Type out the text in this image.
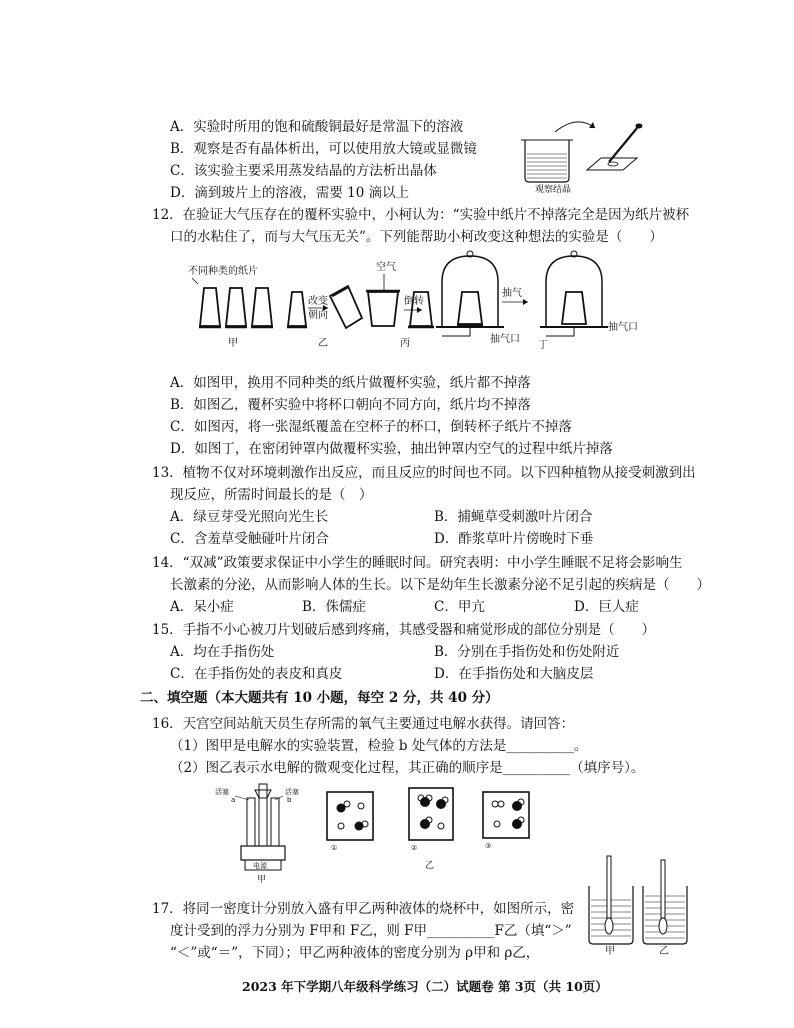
A．实验时所用的饱和硫酸铜最好是常温下的溶液
B．观察是否有晶体析出，可以使用放大镜或显微镜
C．该实验主要采用蒸发结晶的方法析出晶体
D．滴到玻片上的溶液，需要 10 滴以上	观察结晶
12．在验证大气压存在的覆杯实验中，小柯认为：“实验中纸片不掉落完全是因为纸片被杯
口的水粘住了，而与大气压无关”。下列能帮助小柯改变这种想法的实验是（　　）
不同种类的纸片
甲
改变
朝向
乙
空气
倒转
丙	抽气口
抽气
丁
抽气口
A．如图甲，换用不同种类的纸片做覆杯实验，纸片都不掉落
B．如图乙，覆杯实验中将杯口朝向不同方向，纸片均不掉落
C．如图丙，将一张湿纸覆盖在空杯子的杯口，倒转杯子纸片不掉落
D．如图丁，在密闭钟罩内做覆杯实验，抽出钟罩内空气的过程中纸片掉落
13．植物不仅对环境刺激作出反应，而且反应的时间也不同。以下四种植物从接受刺激到出
现反应，所需时间最长的是（　）
A．绿豆芽受光照向光生长	B．捕蝇草受刺激叶片闭合
C．含羞草受触碰叶片闭合	D．酢浆草叶片傍晚时下垂
14．“双减”政策要求保证中小学生的睡眠时间。研究表明：中小学生睡眠不足将会影响生
长激素的分泌，从而影响人体的生长。以下是幼年生长激素分泌不足引起的疾病是（　　）
A．呆小症	B．侏儒症	C．甲亢	D．巨人症
15．手指不小心被刀片划破后感到疼痛，其感受器和痛觉形成的部位分别是（　　）
A．均在手指伤处	B．分别在手指伤处和伤处附近
C．在手指伤处的表皮和真皮	D．在手指伤处和大脑皮层
二、填空题（本大题共有 10 小题，每空 2 分，共 40 分）
16．天宫空间站航天员生存所需的氧气主要通过电解水获得。请回答：
（1）图甲是电解水的实验装置，检验 b 处气体的方法是__________。
（2）图乙表示水电解的微观变化过程，其正确的顺序是__________（填序号）。
活塞	活塞
a	b
电源
甲
①	②
乙
③
17．将同一密度计分别放入盛有甲乙两种液体的烧杯中，如图所示，密
度计受到的浮力分别为 F甲和 F乙，则 F甲__________F乙（填“＞”
“＜”或“＝”，下同）；甲乙两种液体的密度分别为 ρ甲和 ρ乙，	甲	乙
2023 年下学期八年级科学练习（二）试题卷 第 3页（共 10页）
